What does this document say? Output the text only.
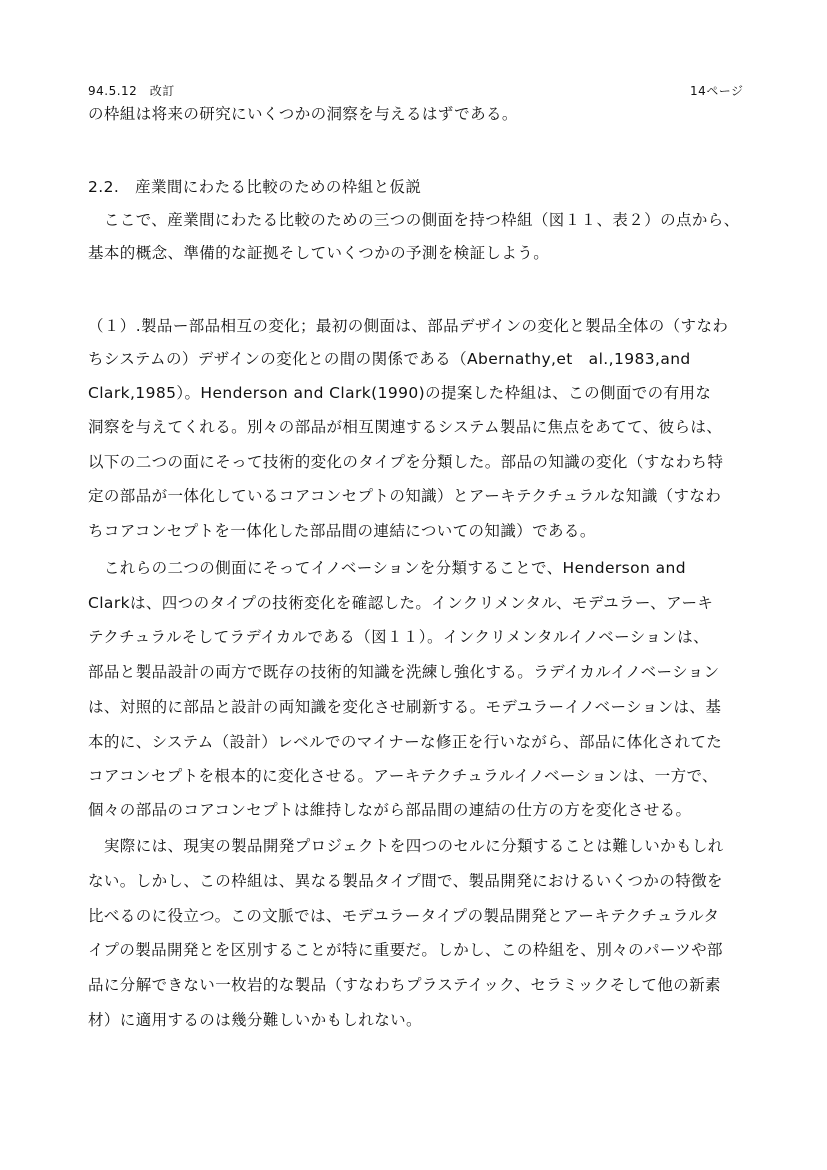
94.5.12　改訂	14ページ
の枠組は将来の研究にいくつかの洞察を与えるはずである。
2.2.　産業間にわたる比較のための枠組と仮説
　ここで、産業間にわたる比較のための三つの側面を持つ枠組（図１１、表２）の点から、
基本的概念、準備的な証拠そしていくつかの予測を検証しよう。
（１）.製品ー部品相互の変化；最初の側面は、部品デザインの変化と製品全体の（すなわ
ちシステムの）デザインの変化との間の関係である（Abernathy,et　al.,1983,and
Clark,1985）。Henderson and Clark(1990)の提案した枠組は、この側面での有用な
洞察を与えてくれる。別々の部品が相互関連するシステム製品に焦点をあてて、彼らは、
以下の二つの面にそって技術的変化のタイプを分類した。部品の知識の変化（すなわち特
定の部品が一体化しているコアコンセプトの知識）とアーキテクチュラルな知識（すなわ
ちコアコンセプトを一体化した部品間の連結についての知識）である。
　これらの二つの側面にそってイノベーションを分類することで、Henderson and
Clarkは、四つのタイプの技術変化を確認した。インクリメンタル、モデユラー、アーキ
テクチュラルそしてラデイカルである（図１１）。インクリメンタルイノベーションは、
部品と製品設計の両方で既存の技術的知識を洗練し強化する。ラデイカルイノベーション
は、対照的に部品と設計の両知識を変化させ刷新する。モデユラーイノベーションは、基
本的に、システム（設計）レベルでのマイナーな修正を行いながら、部品に体化されてた
コアコンセプトを根本的に変化させる。アーキテクチュラルイノベーションは、一方で、
個々の部品のコアコンセプトは維持しながら部品間の連結の仕方の方を変化させる。
　実際には、現実の製品開発プロジェクトを四つのセルに分類することは難しいかもしれ
ない。しかし、この枠組は、異なる製品タイプ間で、製品開発におけるいくつかの特徴を
比べるのに役立つ。この文脈では、モデユラータイプの製品開発とアーキテクチュラルタ
イプの製品開発とを区別することが特に重要だ。しかし、この枠組を、別々のパーツや部
品に分解できない一枚岩的な製品（すなわちプラステイック、セラミックそして他の新素
材）に適用するのは幾分難しいかもしれない。
